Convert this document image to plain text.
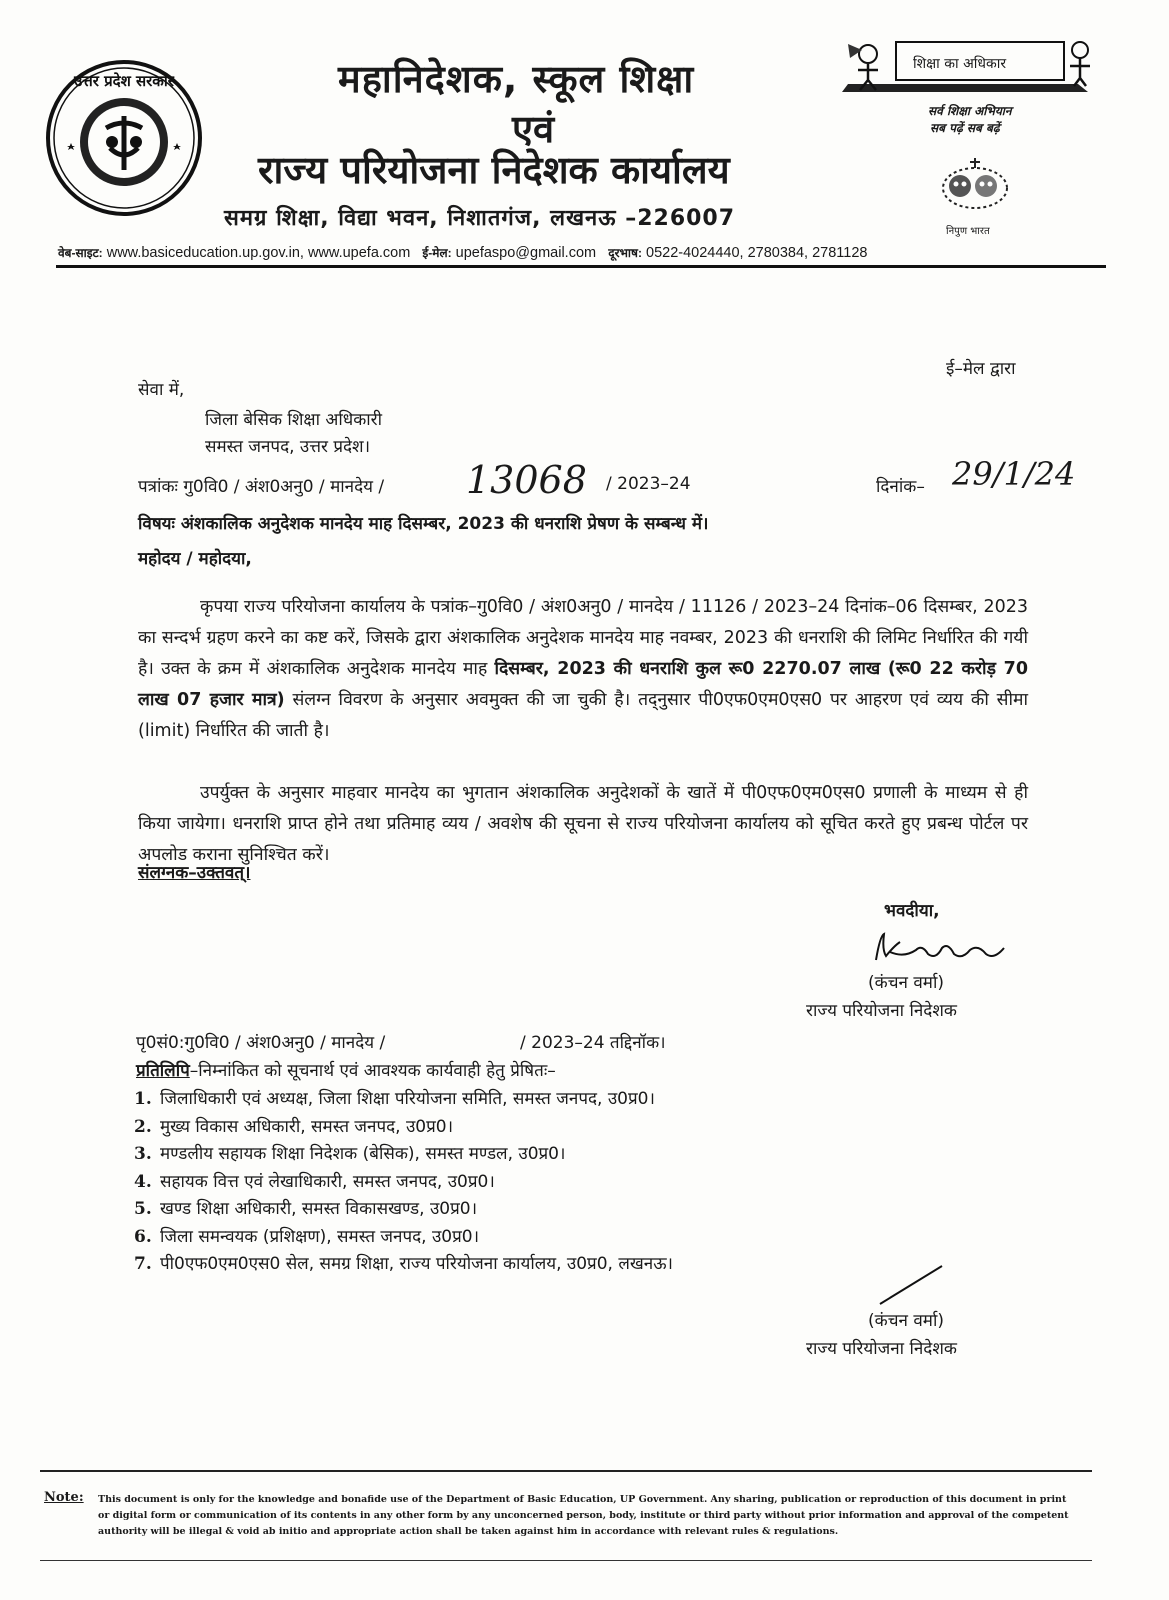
उत्तर प्रदेश सरकार	महानिदेशक, स्कूल शिक्षा
एवं
राज्य परियोजना निदेशक कार्यालय
समग्र शिक्षा, विद्या भवन, निशातगंज, लखनऊ –226007
शिक्षा का अधिकार
सर्व शिक्षा अभियान
सब पढ़ें सब बढ़ें
निपुण भारत
वेब-साइट: www.basiceducation.up.gov.in, www.upefa.com ई-मेल: upefaspo@gmail.com दूरभाष: 0522-4024440, 2780384, 2781128
ई–मेल द्वारा
सेवा में,
जिला बेसिक शिक्षा अधिकारी
समस्त जनपद, उत्तर प्रदेश।
पत्रांकः गु0वि0 / अंश0अनु0 / मानदेय / 13068 / 2023–24	दिनांक– 29/1/24
विषयः अंशकालिक अनुदेशक मानदेय माह दिसम्बर, 2023 की धनराशि प्रेषण के सम्बन्ध में।
महोदय / महोदया,
कृपया राज्य परियोजना कार्यालय के पत्रांक–गु0वि0 / अंश0अनु0 / मानदेय / 11126 / 2023–24 दिनांक–06 दिसम्बर, 2023 का सन्दर्भ ग्रहण करने का कष्ट करें, जिसके द्वारा अंशकालिक अनुदेशक मानदेय माह नवम्बर, 2023 की धनराशि की लिमिट निर्धारित की गयी है। उक्त के क्रम में अंशकालिक अनुदेशक मानदेय माह दिसम्बर, 2023 की धनराशि कुल रू0 2270.07 लाख (रू0 22 करोड़ 70 लाख 07 हजार मात्र) संलग्न विवरण के अनुसार अवमुक्त की जा चुकी है। तद्नुसार पी0एफ0एम0एस0 पर आहरण एवं व्यय की सीमा (limit) निर्धारित की जाती है।
उपर्युक्त के अनुसार माहवार मानदेय का भुगतान अंशकालिक अनुदेशकों के खातें में पी0एफ0एम0एस0 प्रणाली के माध्यम से ही किया जायेगा। धनराशि प्राप्त होने तथा प्रतिमाह व्यय / अवशेष की सूचना से राज्य परियोजना कार्यालय को सूचित करते हुए प्रबन्ध पोर्टल पर अपलोड कराना सुनिश्चित करें।
संलग्नक–उक्तवत्।
भवदीया,
(कंचन वर्मा)
राज्य परियोजना निदेशक
पृ0सं0:गु0वि0 / अंश0अनु0 / मानदेय /	/ 2023–24 तद्दिनॉक।
प्रतिलिपि–निम्नांकित को सूचनार्थ एवं आवश्यक कार्यवाही हेतु प्रेषितः–
1. जिलाधिकारी एवं अध्यक्ष, जिला शिक्षा परियोजना समिति, समस्त जनपद, उ0प्र0।
2. मुख्य विकास अधिकारी, समस्त जनपद, उ0प्र0।
3. मण्डलीय सहायक शिक्षा निदेशक (बेसिक), समस्त मण्डल, उ0प्र0।
4. सहायक वित्त एवं लेखाधिकारी, समस्त जनपद, उ0प्र0।
5. खण्ड शिक्षा अधिकारी, समस्त विकासखण्ड, उ0प्र0।
6. जिला समन्वयक (प्रशिक्षण), समस्त जनपद, उ0प्र0।
7. पी0एफ0एम0एस0 सेल, समग्र शिक्षा, राज्य परियोजना कार्यालय, उ0प्र0, लखनऊ।
(कंचन वर्मा)
राज्य परियोजना निदेशक
Note: This document is only for the knowledge and bonafide use of the Department of Basic Education, UP Government. Any sharing, publication or reproduction of this document in print or digital form or communication of its contents in any other form by any unconcerned person, body, institute or third party without prior information and approval of the competent authority will be illegal & void ab initio and appropriate action shall be taken against him in accordance with relevant rules & regulations.
